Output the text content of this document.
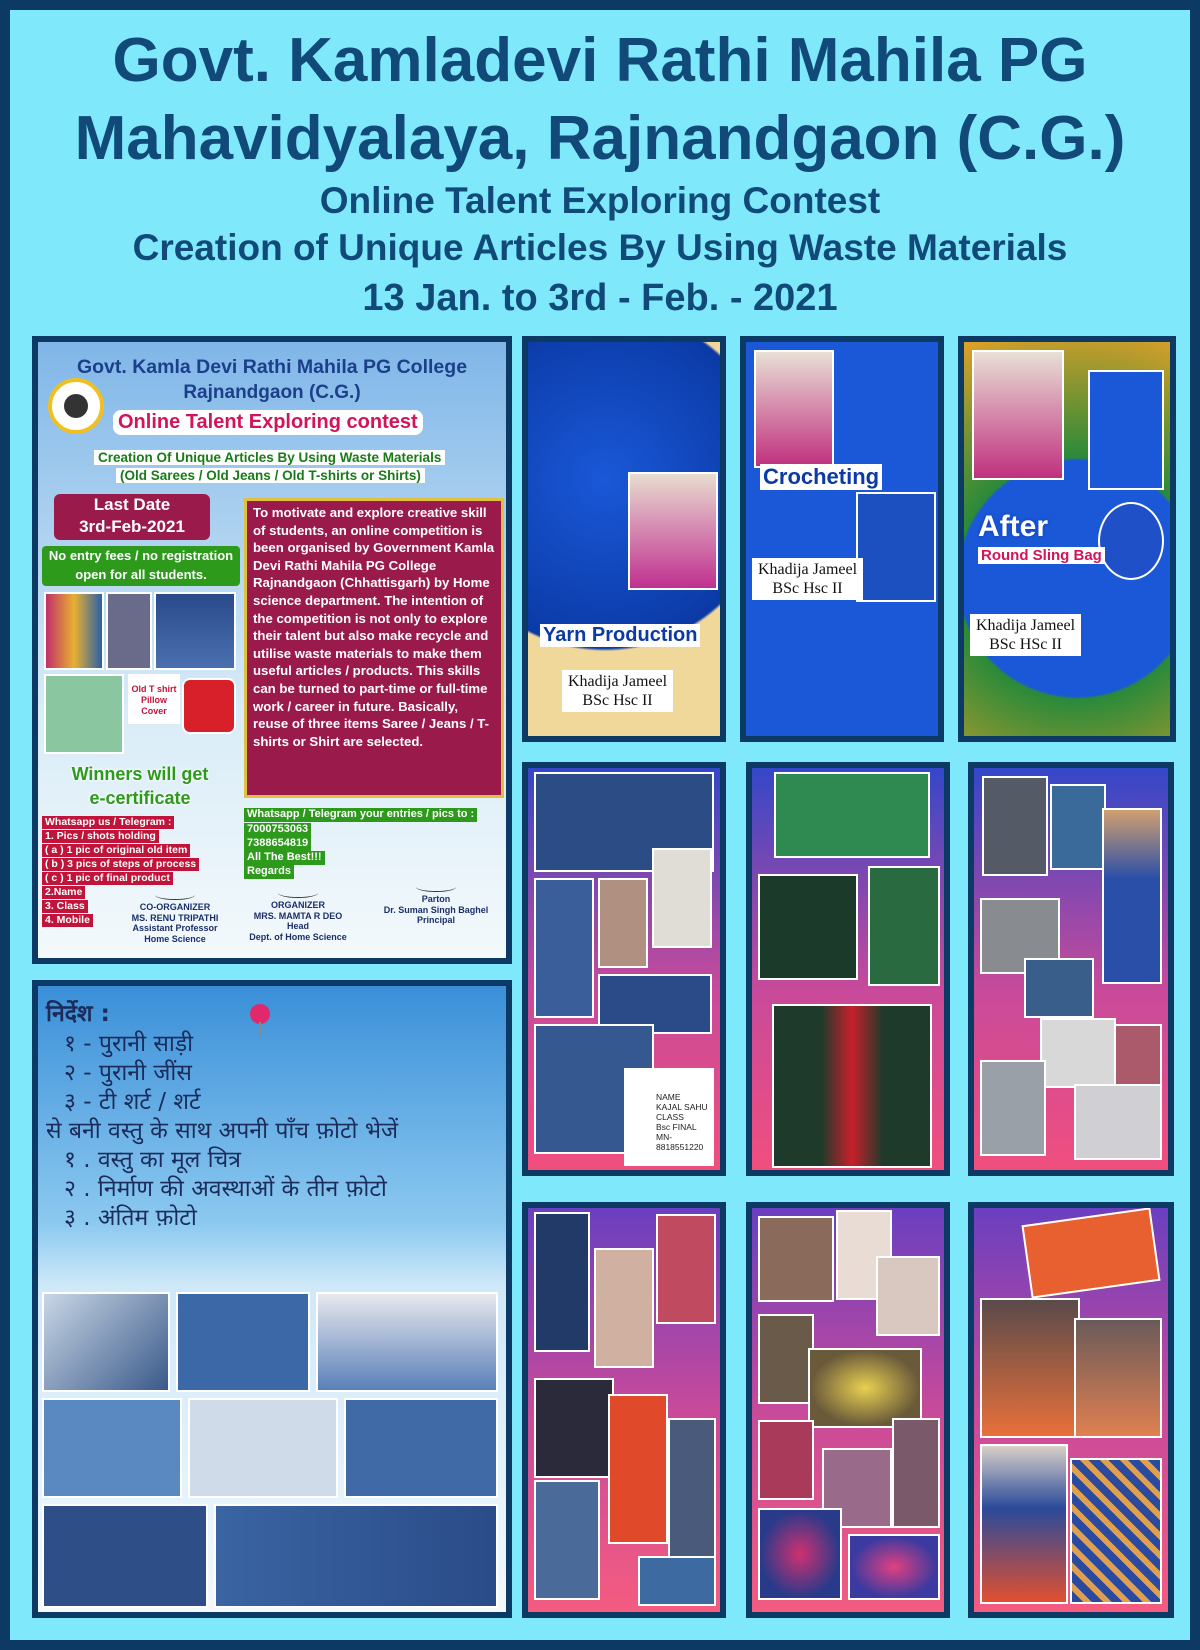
Govt. Kamladevi Rathi Mahila PG
Mahavidyalaya, Rajnandgaon (C.G.)
Online Talent Exploring Contest
Creation of Unique Articles By Using Waste Materials
13 Jan. to 3rd - Feb. - 2021
Govt. Kamla Devi Rathi Mahila PG College
Rajnandgaon (C.G.)
Online Talent Exploring contest
Creation Of Unique Articles By Using Waste Materials
(Old Sarees / Old Jeans / Old T-shirts or Shirts)
Last Date
3rd-Feb-2021
No entry fees / no registration
open for all students.
Old T shirt
Pillow Cover
Winners will get
e-certificate
Whatsapp us / Telegram :
1. Pics / shots holding
( a ) 1 pic of original old item
( b ) 3 pics of steps of process
( c ) 1 pic of final product
2.Name
3. Class
4. Mobile
Whatsapp / Telegram your entries / pics to :
7000753063
7388654819
All The Best!!!
Regards
CO-ORGANIZER
MS. RENU TRIPATHI
Assistant Professor
Home Science
ORGANIZER
MRS. MAMTA R DEO
Head
Dept. of Home Science
Parton
Dr. Suman Singh Baghel
Principal
To motivate and explore creative skill of students, an online competition is been organised by Government Kamla Devi Rathi Mahila PG College Rajnandgaon (Chhattisgarh) by Home science department. The intention of the competition is not only to explore their talent but also make recycle and utilise waste materials to make them useful articles / products. This skills can be turned to part-time or full-time work / career in future. Basically, reuse of three items Saree / Jeans / T-shirts or Shirt are selected.
निर्देश :
१ - पुरानी साड़ी
२ - पुरानी जींस
३ - टी शर्ट / शर्ट
से बनी वस्तु के साथ अपनी पाँच फ़ोटो भेजें
१ . वस्तु का मूल चित्र
२ . निर्माण की अवस्थाओं के तीन फ़ोटो
३ . अंतिम फ़ोटो
Yarn Production
Khadija Jameel
BSc Hsc II
Crocheting
Khadija Jameel
BSc Hsc II
After
Round Sling Bag
Khadija Jameel
BSc HSc II
NAME
KAJAL SAHU
CLASS
Bsc FINAL
MN-
8818551220
